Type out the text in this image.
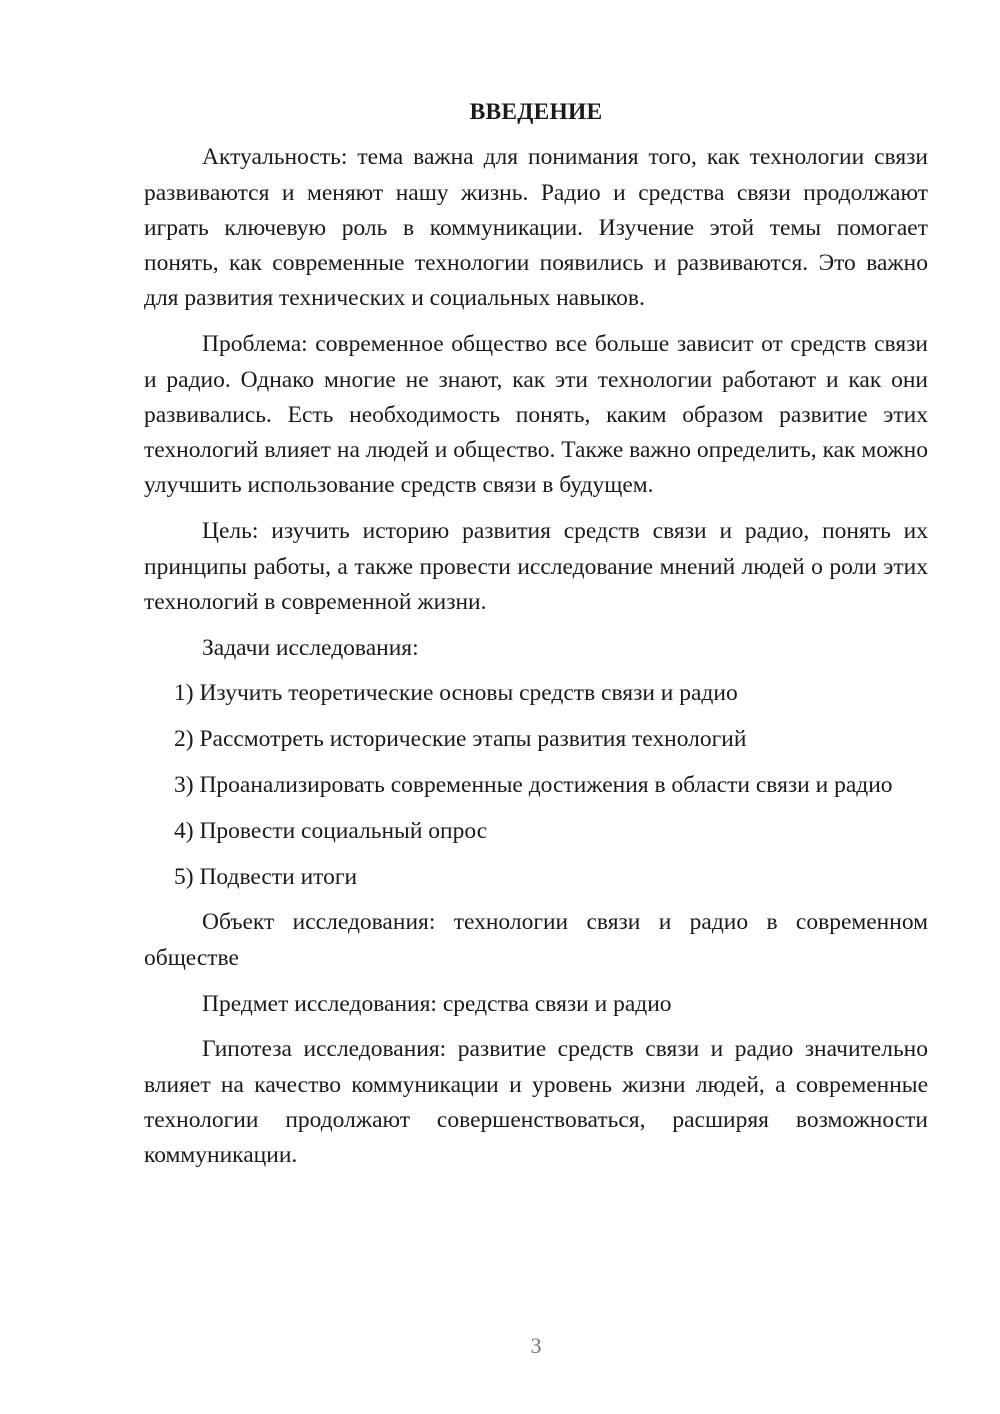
ВВЕДЕНИЕ

Актуальность: тема важна для понимания того, как технологии связи развиваются и меняют нашу жизнь. Радио и средства связи продолжают играть ключевую роль в коммуникации. Изучение этой темы помогает понять, как современные технологии появились и развиваются. Это важно для развития технических и социальных навыков.

Проблема: современное общество все больше зависит от средств связи и радио. Однако многие не знают, как эти технологии работают и как они развивались. Есть необходимость понять, каким образом развитие этих технологий влияет на людей и общество. Также важно определить, как можно улучшить использование средств связи в будущем.

Цель: изучить историю развития средств связи и радио, понять их принципы работы, а также провести исследование мнений людей о роли этих технологий в современной жизни.

Задачи исследования:

1) Изучить теоретические основы средств связи и радио

2) Рассмотреть исторические этапы развития технологий

3) Проанализировать современные достижения в области связи и радио

4) Провести социальный опрос

5) Подвести итоги

Объект исследования: технологии связи и радио в современном обществе

Предмет исследования: средства связи и радио

Гипотеза исследования: развитие средств связи и радио значительно влияет на качество коммуникации и уровень жизни людей, а современные технологии продолжают совершенствоваться, расширяя возможности коммуникации.

3
